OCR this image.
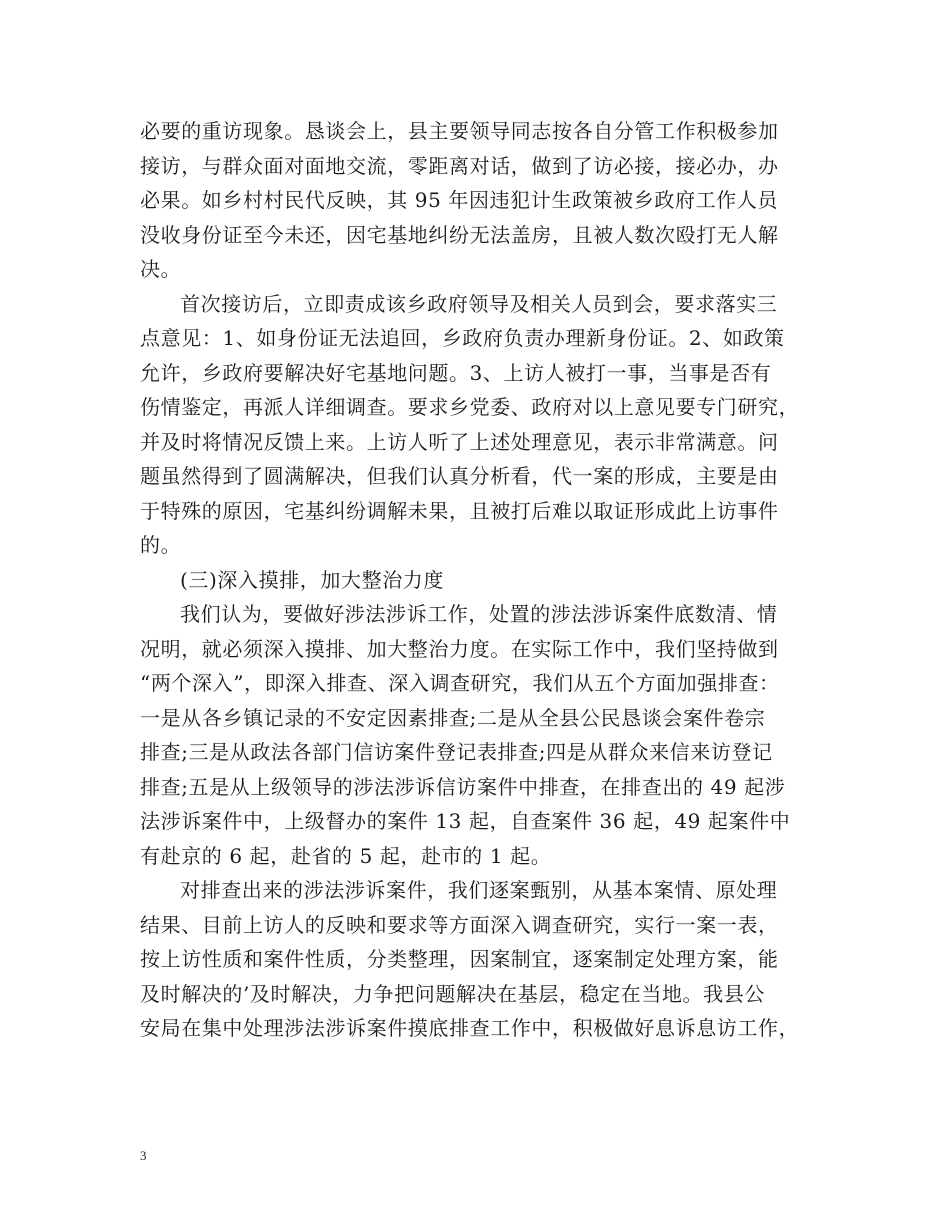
必要的重访现象。恳谈会上，县主要领导同志按各自分管工作积极参加
接访，与群众面对面地交流，零距离对话，做到了访必接，接必办，办
必果。如乡村村民代反映，其 95 年因违犯计生政策被乡政府工作人员
没收身份证至今未还，因宅基地纠纷无法盖房，且被人数次殴打无人解
决。

首次接访后，立即责成该乡政府领导及相关人员到会，要求落实三
点意见：1、如身份证无法追回，乡政府负责办理新身份证。2、如政策
允许，乡政府要解决好宅基地问题。3、上访人被打一事，当事是否有
伤情鉴定，再派人详细调查。要求乡党委、政府对以上意见要专门研究，
并及时将情况反馈上来。上访人听了上述处理意见，表示非常满意。问
题虽然得到了圆满解决，但我们认真分析看，代一案的形成，主要是由
于特殊的原因，宅基纠纷调解未果，且被打后难以取证形成此上访事件
的。

(三)深入摸排，加大整治力度

我们认为，要做好涉法涉诉工作，处置的涉法涉诉案件底数清、情
况明，就必须深入摸排、加大整治力度。在实际工作中，我们坚持做到
“两个深入”，即深入排查、深入调查研究，我们从五个方面加强排查：
一是从各乡镇记录的不安定因素排查;二是从全县公民恳谈会案件卷宗
排查;三是从政法各部门信访案件登记表排查;四是从群众来信来访登记
排查;五是从上级领导的涉法涉诉信访案件中排查，在排查出的 49 起涉
法涉诉案件中，上级督办的案件 13 起，自查案件 36 起，49 起案件中
有赴京的 6 起，赴省的 5 起，赴市的 1 起。

对排查出来的涉法涉诉案件，我们逐案甄别，从基本案情、原处理
结果、目前上访人的反映和要求等方面深入调查研究，实行一案一表，
按上访性质和案件性质，分类整理，因案制宜，逐案制定处理方案，能
及时解决的’及时解决，力争把问题解决在基层，稳定在当地。我县公
安局在集中处理涉法涉诉案件摸底排查工作中，积极做好息诉息访工作，

3
